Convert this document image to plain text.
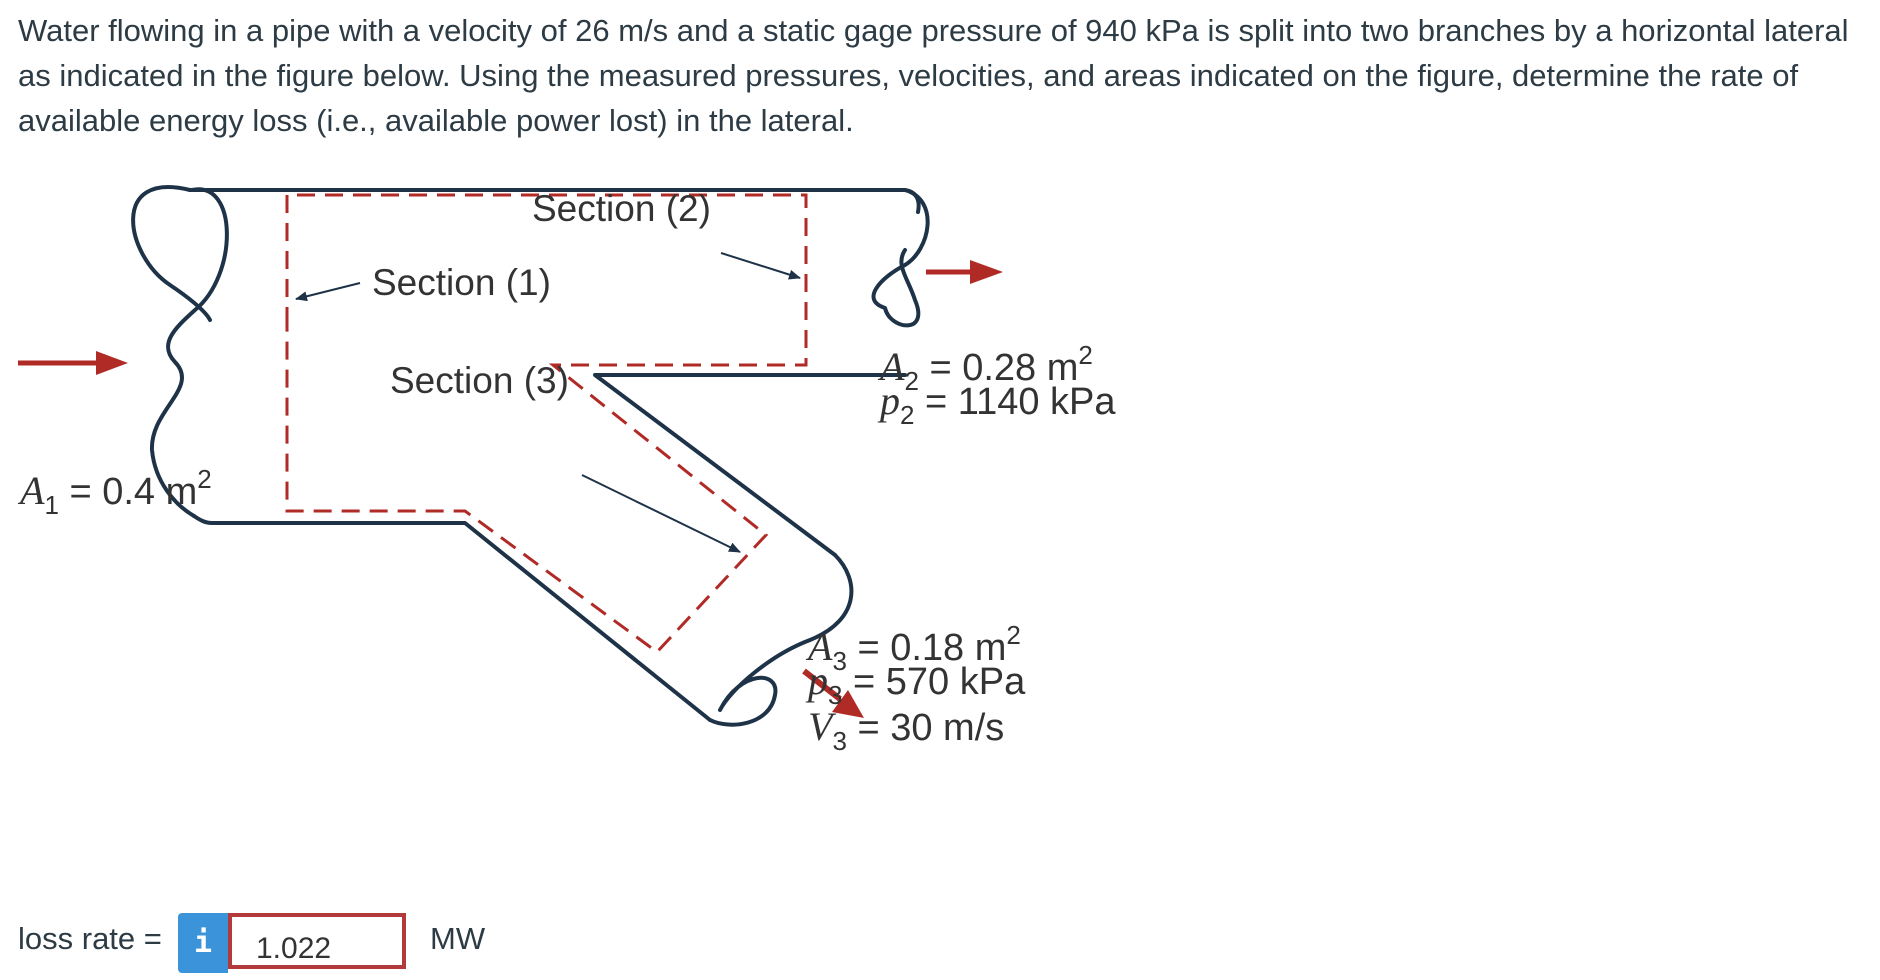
Water flowing in a pipe with a velocity of 26 m/s and a static gage pressure of 940 kPa is split into two branches by a horizontal lateral as indicated in the figure below. Using the measured pressures, velocities, and areas indicated on the figure, determine the rate of available energy loss (i.e., available power lost) in the lateral.
Section (2)
Section (1)
Section (3)
$A_1 = 0.4$ $m^2$
$A_2 = 0.28$ $m^2$
$p_2 = 1140$ kPa
$A_3 = 0.18$ $m^2$
$p_3 = 570$ kPa
$V_3 = 30$ m/s
loss rate =	i	1.022	MW
